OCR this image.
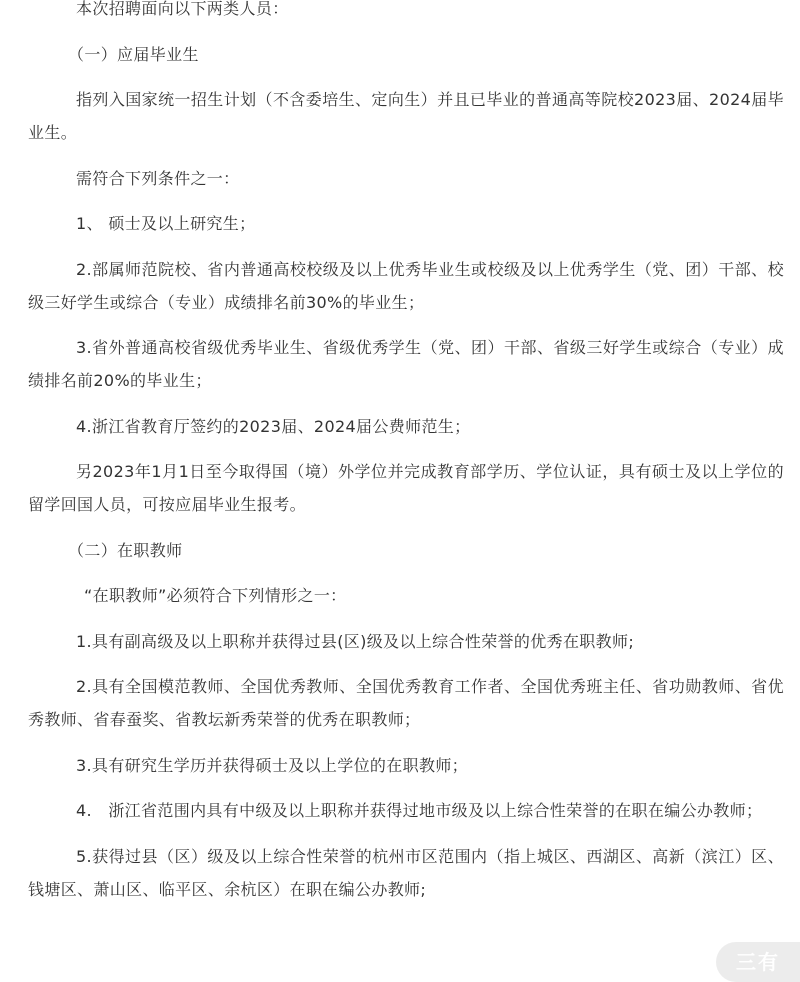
本次招聘面向以下两类人员：

（一）应届毕业生

指列入国家统一招生计划（不含委培生、定向生）并且已毕业的普通高等院校2023届、2024届毕业生。

需符合下列条件之一：

1、 硕士及以上研究生；

2.部属师范院校、省内普通高校校级及以上优秀毕业生或校级及以上优秀学生（党、团）干部、校级三好学生或综合（专业）成绩排名前30%的毕业生；

3.省外普通高校省级优秀毕业生、省级优秀学生（党、团）干部、省级三好学生或综合（专业）成绩排名前20%的毕业生；

4.浙江省教育厅签约的2023届、2024届公费师范生；

另2023年1月1日至今取得国（境）外学位并完成教育部学历、学位认证，具有硕士及以上学位的留学回国人员，可按应届毕业生报考。

（二）在职教师

“在职教师”必须符合下列情形之一：

1.具有副高级及以上职称并获得过县(区)级及以上综合性荣誉的优秀在职教师;

2.具有全国模范教师、全国优秀教师、全国优秀教育工作者、全国优秀班主任、省功勋教师、省优秀教师、省春蚕奖、省教坛新秀荣誉的优秀在职教师；

3.具有研究生学历并获得硕士及以上学位的在职教师；

4.　浙江省范围内具有中级及以上职称并获得过地市级及以上综合性荣誉的在职在编公办教师；

5.获得过县（区）级及以上综合性荣誉的杭州市区范围内（指上城区、西湖区、高新（滨江）区、钱塘区、萧山区、临平区、余杭区）在职在编公办教师;

三有
